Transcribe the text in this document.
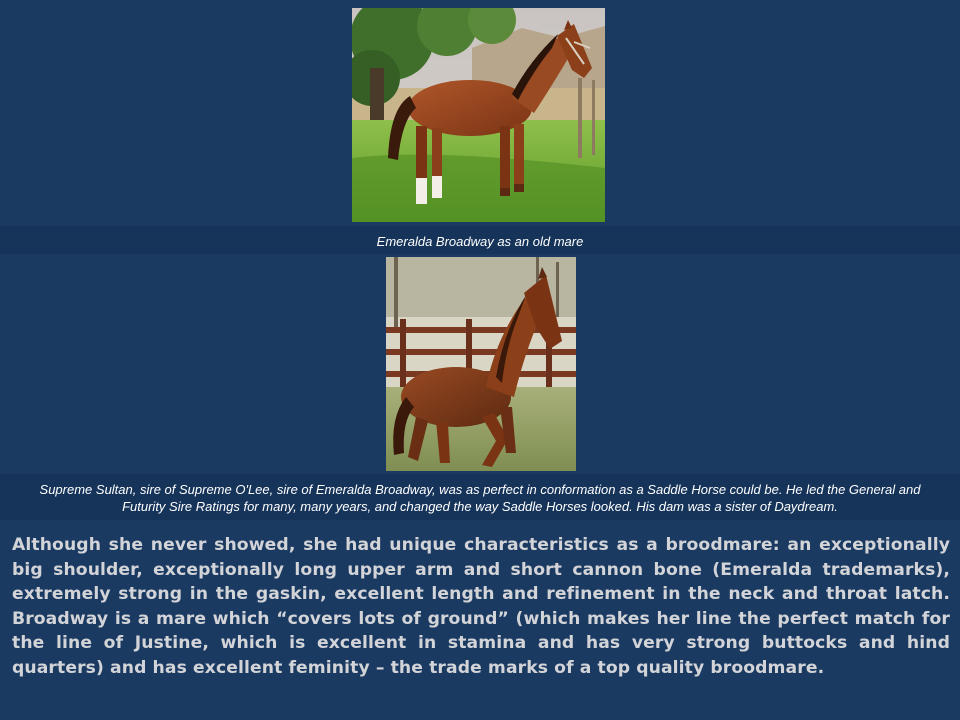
Emeralda Broadway as an old mare
Supreme Sultan, sire of Supreme O'Lee, sire of Emeralda Broadway, was as perfect in conformation as a Saddle Horse could be. He led the General and Futurity Sire Ratings for many, many years, and changed the way Saddle Horses looked. His dam was a sister of Daydream.
Although she never showed, she had unique characteristics as a broodmare: an exceptionally big shoulder, exceptionally long upper arm and short cannon bone (Emeralda trademarks), extremely strong in the gaskin, excellent length and refinement in the neck and throat latch. Broadway is a mare which “covers lots of ground” (which makes her line the perfect match for the line of Justine, which is excellent in stamina and has very strong buttocks and hind quarters) and has excellent feminity – the trade marks of a top quality broodmare.
